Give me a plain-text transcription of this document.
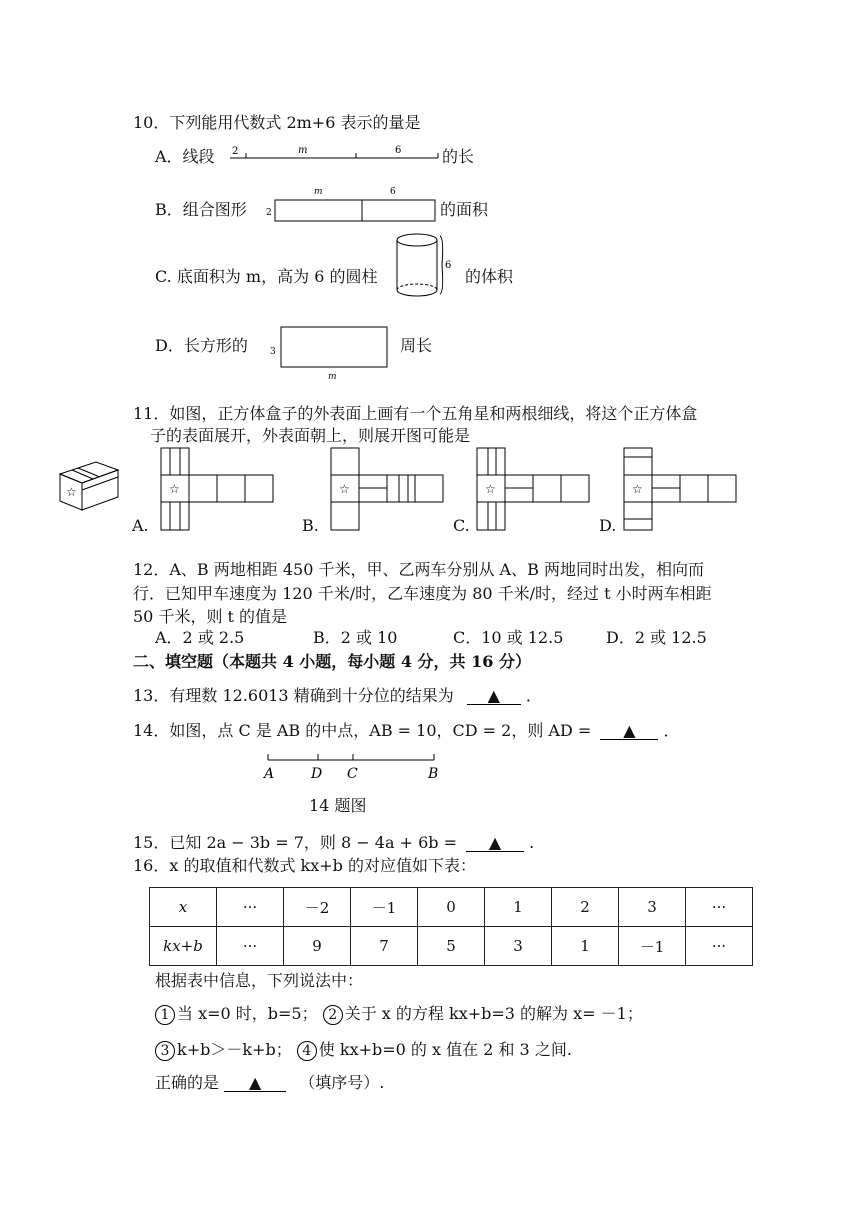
10．下列能用代数式 2m+6 表示的量是
A．线段 2	m	6	的长
B．组合图形
m	6
2	的面积
C. 底面积为 m，高为 6 的圆柱
6
的体积
D．长方形的 3
m
周长
11．如图，正方体盒子的外表面上画有一个五角星和两根细线，将这个正方体盒
子的表面展开，外表面朝上，则展开图可能是
☆	☆
A.
☆
B.
☆
C.
☆
D.
12．A、B 两地相距 450 千米，甲、乙两车分别从 A、B 两地同时出发，相向而
行．已知甲车速度为 120 千米/时，乙车速度为 80 千米/时，经过 t 小时两车相距
50 千米，则 t 的值是
A．2 或 2.5	B．2 或 10	C．10 或 12.5	D．2 或 12.5
二、填空题（本题共 4 小题，每小题 4 分，共 16 分）
13．有理数 12.6013 精确到十分位的结果为 ▲ ．
14．如图，点 C 是 AB 的中点，AB = 10，CD = 2，则 AD = ▲ ．
A	D C	B
14 题图
15．已知 2a − 3b = 7，则 8 − 4a + 6b = ▲ .
16．x 的取值和代数式 kx+b 的对应值如下表：
x	···	－2	－1	0	1	2	3	···
kx+b	···	9	7	5	3	1	－1	···
根据表中信息，下列说法中：
1 当 x=0 时，b=5； 2 关于 x 的方程 kx+b=3 的解为 x= －1；
3 k+b＞－k+b； 4 使 kx+b=0 的 x 值在 2 和 3 之间.
正确的是 ▲ （填序号）.
